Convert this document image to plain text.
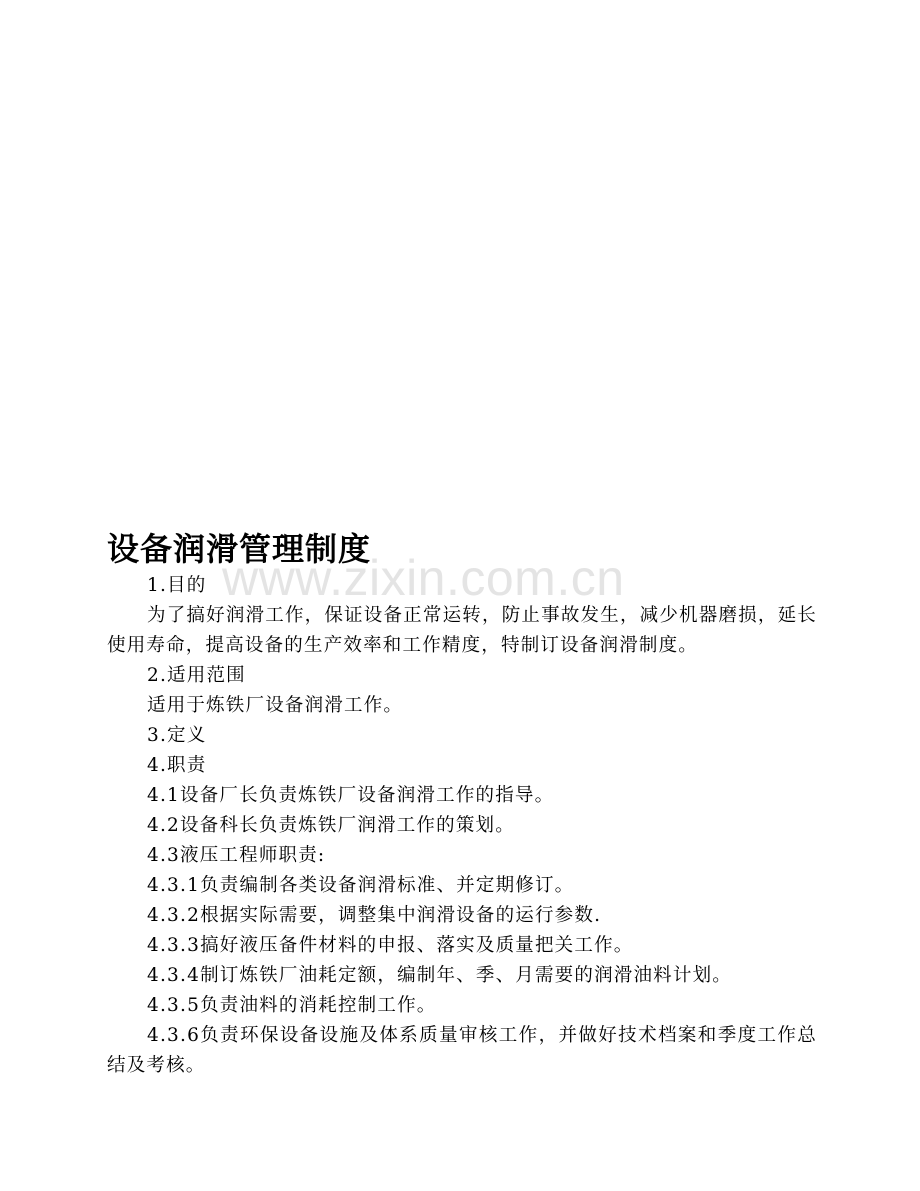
www.zixin.com.cn
设备润滑管理制度

1.目的

为了搞好润滑工作，保证设备正常运转，防止事故发生，减少机器磨损，延长使用寿命，提高设备的生产效率和工作精度，特制订设备润滑制度。

2.适用范围

适用于炼铁厂设备润滑工作。

3.定义

4.职责

4.1设备厂长负责炼铁厂设备润滑工作的指导。

4.2设备科长负责炼铁厂润滑工作的策划。

4.3液压工程师职责:

4.3.1负责编制各类设备润滑标准、并定期修订。

4.3.2根据实际需要，调整集中润滑设备的运行参数.

4.3.3搞好液压备件材料的申报、落实及质量把关工作。

4.3.4制订炼铁厂油耗定额，编制年、季、月需要的润滑油料计划。

4.3.5负责油料的消耗控制工作。

4.3.6负责环保设备设施及体系质量审核工作，并做好技术档案和季度工作总结及考核。
